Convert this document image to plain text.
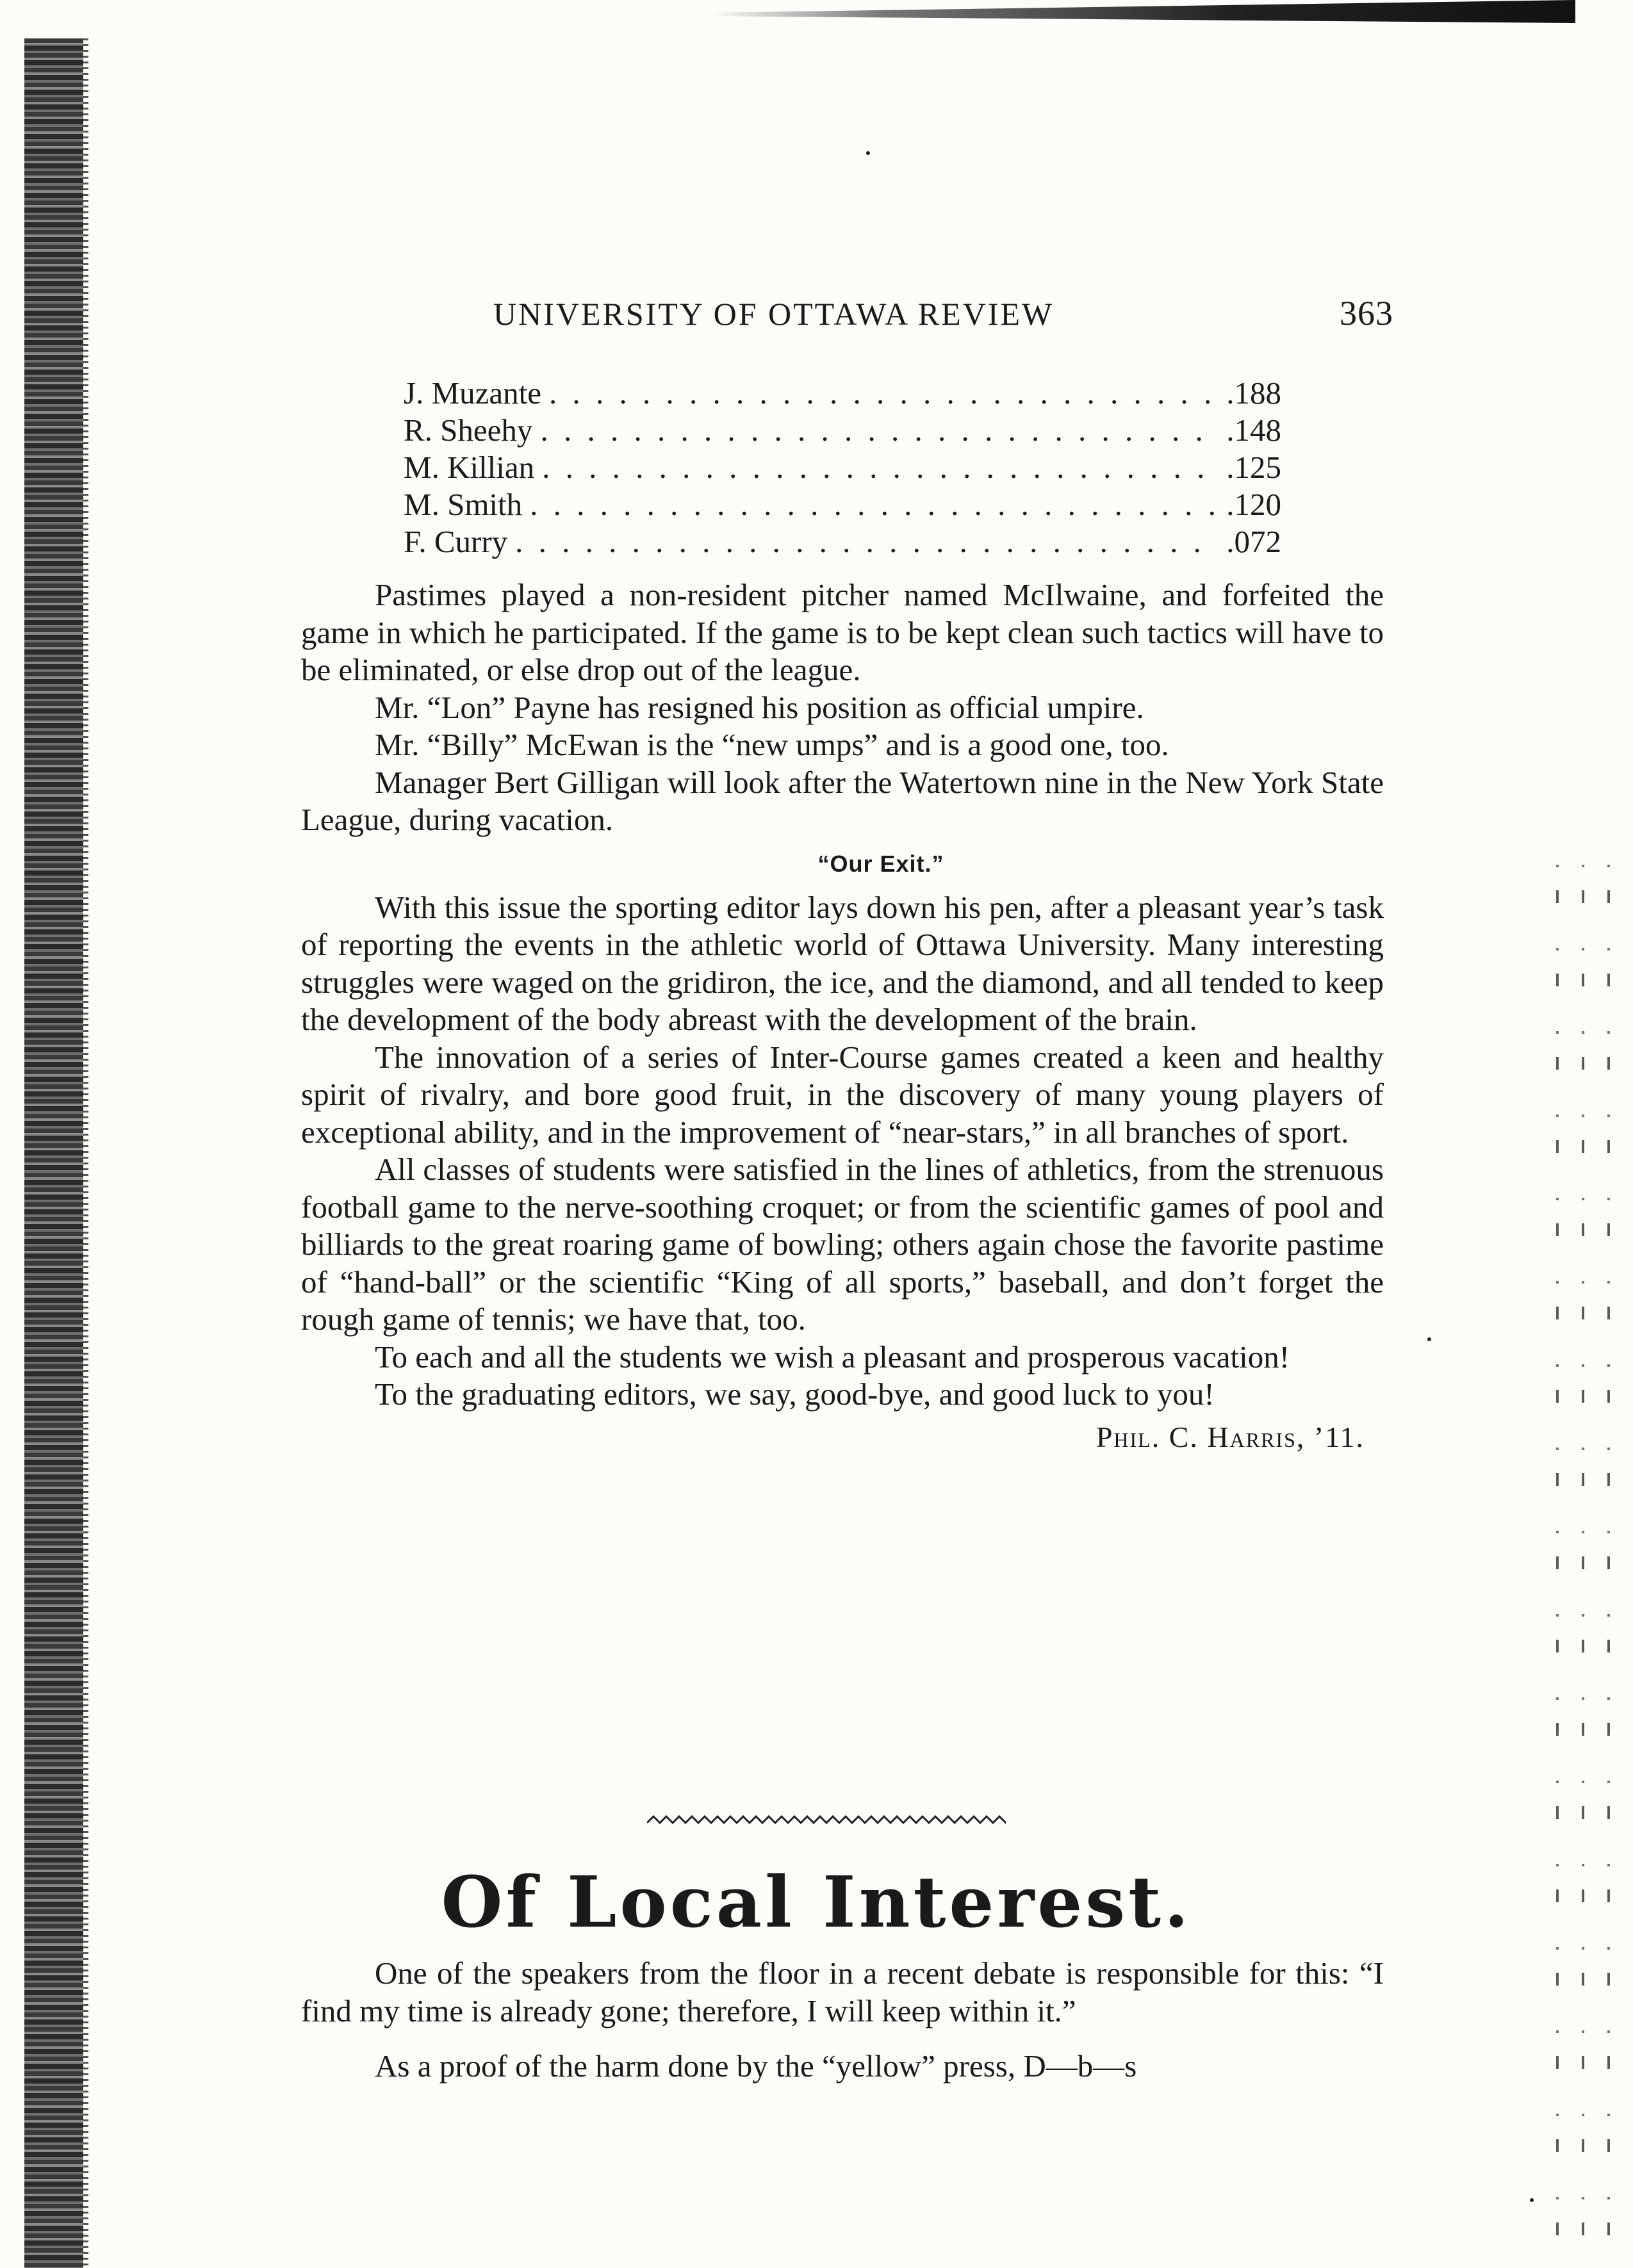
UNIVERSITY OF OTTAWA REVIEW	363
J. Muzante . . .	.188
R. Sheehy . . .	.148
M. Killian . . .	.125
M. Smith . . .	.120
F. Curry . . .	.072

Pastimes played a non-resident pitcher named McIlwaine, and forfeited the game in which he participated. If the game is to be kept clean such tactics will have to be eliminated, or else drop out of the league.

Mr. “Lon” Payne has resigned his position as official umpire.

Mr. “Billy” McEwan is the “new umps” and is a good one, too.

Manager Bert Gilligan will look after the Watertown nine in the New York State League, during vacation.

“Our Exit.”

With this issue the sporting editor lays down his pen, after a pleasant year’s task of reporting the events in the athletic world of Ottawa University. Many interesting struggles were waged on the gridiron, the ice, and the diamond, and all tended to keep the development of the body abreast with the development of the brain.

The innovation of a series of Inter-Course games created a keen and healthy spirit of rivalry, and bore good fruit, in the discovery of many young players of exceptional ability, and in the improvement of “near-stars,” in all branches of sport.

All classes of students were satisfied in the lines of athletics, from the strenuous football game to the nerve-soothing croquet; or from the scientific games of pool and billiards to the great roaring game of bowling; others again chose the favorite pastime of “hand-ball” or the scientific “King of all sports,” baseball, and don’t forget the rough game of tennis; we have that, too.

To each and all the students we wish a pleasant and prosperous vacation!

To the graduating editors, we say, good-bye, and good luck to you!

Phil. C. Harris, ’11.
Of Local Interest.

One of the speakers from the floor in a recent debate is responsible for this: “I find my time is already gone; therefore, I will keep within it.”

As a proof of the harm done by the “yellow” press, D—b—s
